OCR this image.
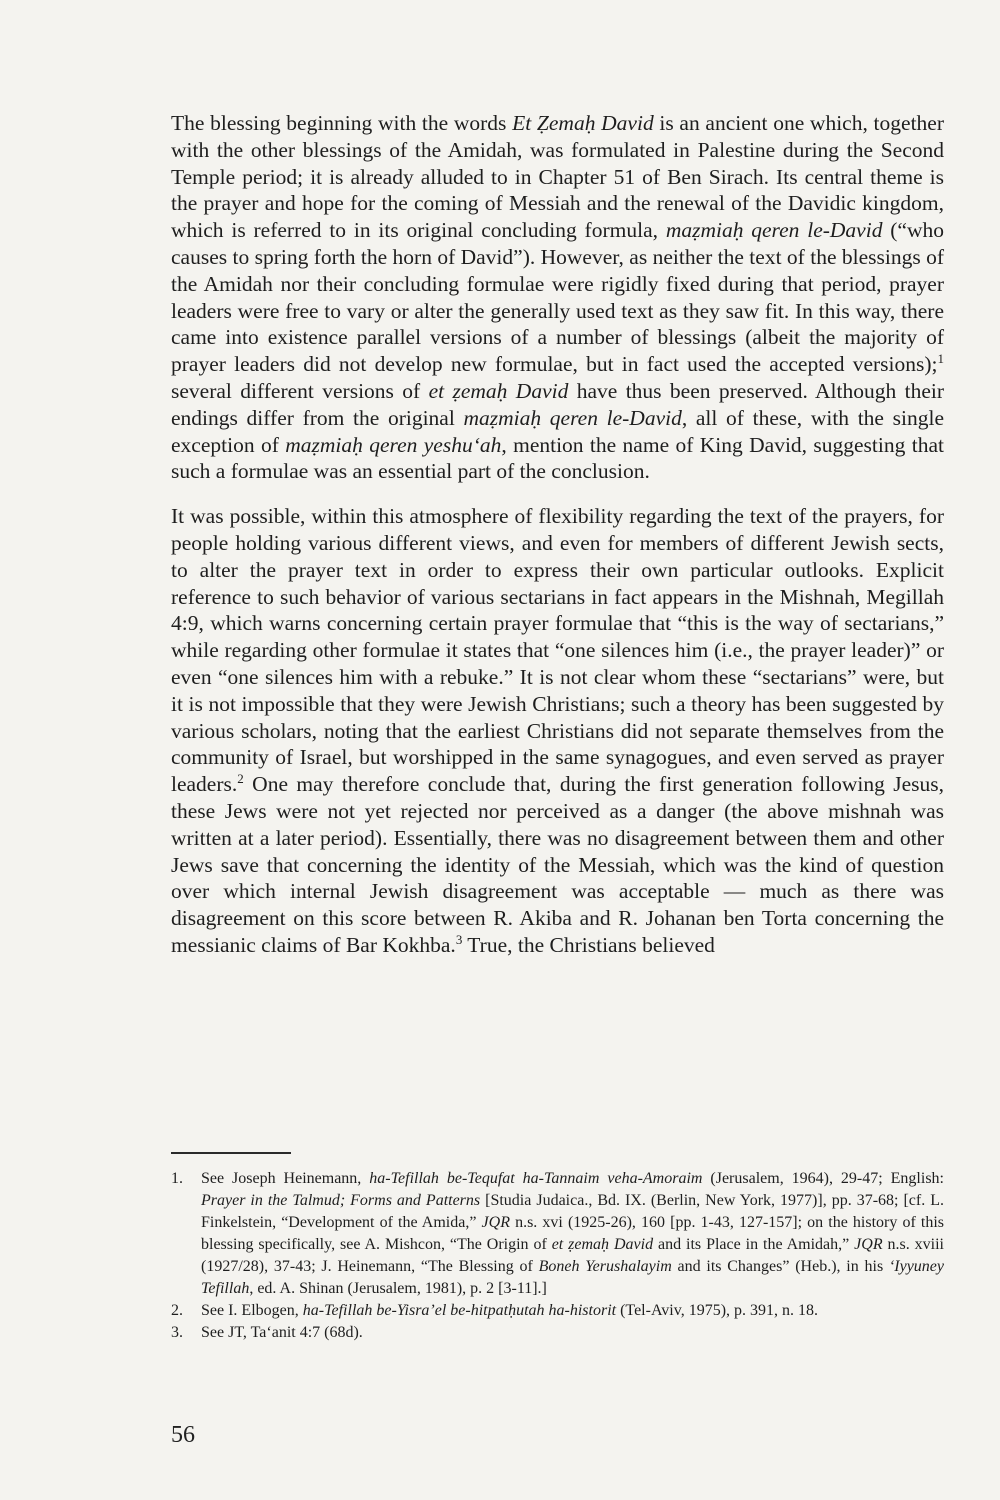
The blessing beginning with the words Et Ẓemaḥ David is an ancient one which, together with the other blessings of the Amidah, was formulated in Palestine during the Second Temple period; it is already alluded to in Chapter 51 of Ben Sirach. Its central theme is the prayer and hope for the coming of Messiah and the renewal of the Davidic kingdom, which is referred to in its original concluding formula, maẓmiaḥ qeren le-David (“who causes to spring forth the horn of David”). However, as neither the text of the blessings of the Amidah nor their concluding formulae were rigidly fixed during that period, prayer leaders were free to vary or alter the generally used text as they saw fit. In this way, there came into existence parallel versions of a number of blessings (albeit the majority of prayer leaders did not develop new formulae, but in fact used the accepted versions);$^1$ several different versions of et ẓemaḥ David have thus been preserved. Although their endings differ from the original maẓmiaḥ qeren le-David, all of these, with the single exception of maẓmiaḥ qeren yeshu‘ah, mention the name of King David, suggesting that such a formulae was an essential part of the conclusion.

It was possible, within this atmosphere of flexibility regarding the text of the prayers, for people holding various different views, and even for members of different Jewish sects, to alter the prayer text in order to express their own particular outlooks. Explicit reference to such behavior of various sectarians in fact appears in the Mishnah, Megillah 4:9, which warns concerning certain prayer formulae that “this is the way of sectarians,” while regarding other formulae it states that “one silences him (i.e., the prayer leader)” or even “one silences him with a rebuke.” It is not clear whom these “sectarians” were, but it is not impossible that they were Jewish Christians; such a theory has been suggested by various scholars, noting that the earliest Christians did not separate themselves from the community of Israel, but worshipped in the same synagogues, and even served as prayer leaders.$^2$ One may therefore conclude that, during the first generation following Jesus, these Jews were not yet rejected nor perceived as a danger (the above mishnah was written at a later period). Essentially, there was no disagreement between them and other Jews save that concerning the identity of the Messiah, which was the kind of question over which internal Jewish disagreement was acceptable — much as there was disagreement on this score between R. Akiba and R. Johanan ben Torta concerning the messianic claims of Bar Kokhba.$^3$ True, the Christians believed

1. See Joseph Heinemann, ha-Tefillah be-Tequfat ha-Tannaim veha-Amoraim (Jerusalem, 1964), 29-47; English: Prayer in the Talmud; Forms and Patterns [Studia Judaica., Bd. IX. (Berlin, New York, 1977)], pp. 37-68; [cf. L. Finkelstein, “Development of the Amida,” JQR n.s. xvi (1925-26), 160 [pp. 1-43, 127-157]; on the history of this blessing specifically, see A. Mishcon, “The Origin of et ẓemaḥ David and its Place in the Amidah,” JQR n.s. xviii (1927/28), 37-43; J. Heinemann, “The Blessing of Boneh Yerushalayim and its Changes” (Heb.), in his ‘Iyyuney Tefillah, ed. A. Shinan (Jerusalem, 1981), p. 2 [3-11].]

2. See I. Elbogen, ha-Tefillah be-Yisra’el be-hitpatḥutah ha-historit (Tel-Aviv, 1975), p. 391, n. 18.

3. See JT, Ta‘anit 4:7 (68d).

56
